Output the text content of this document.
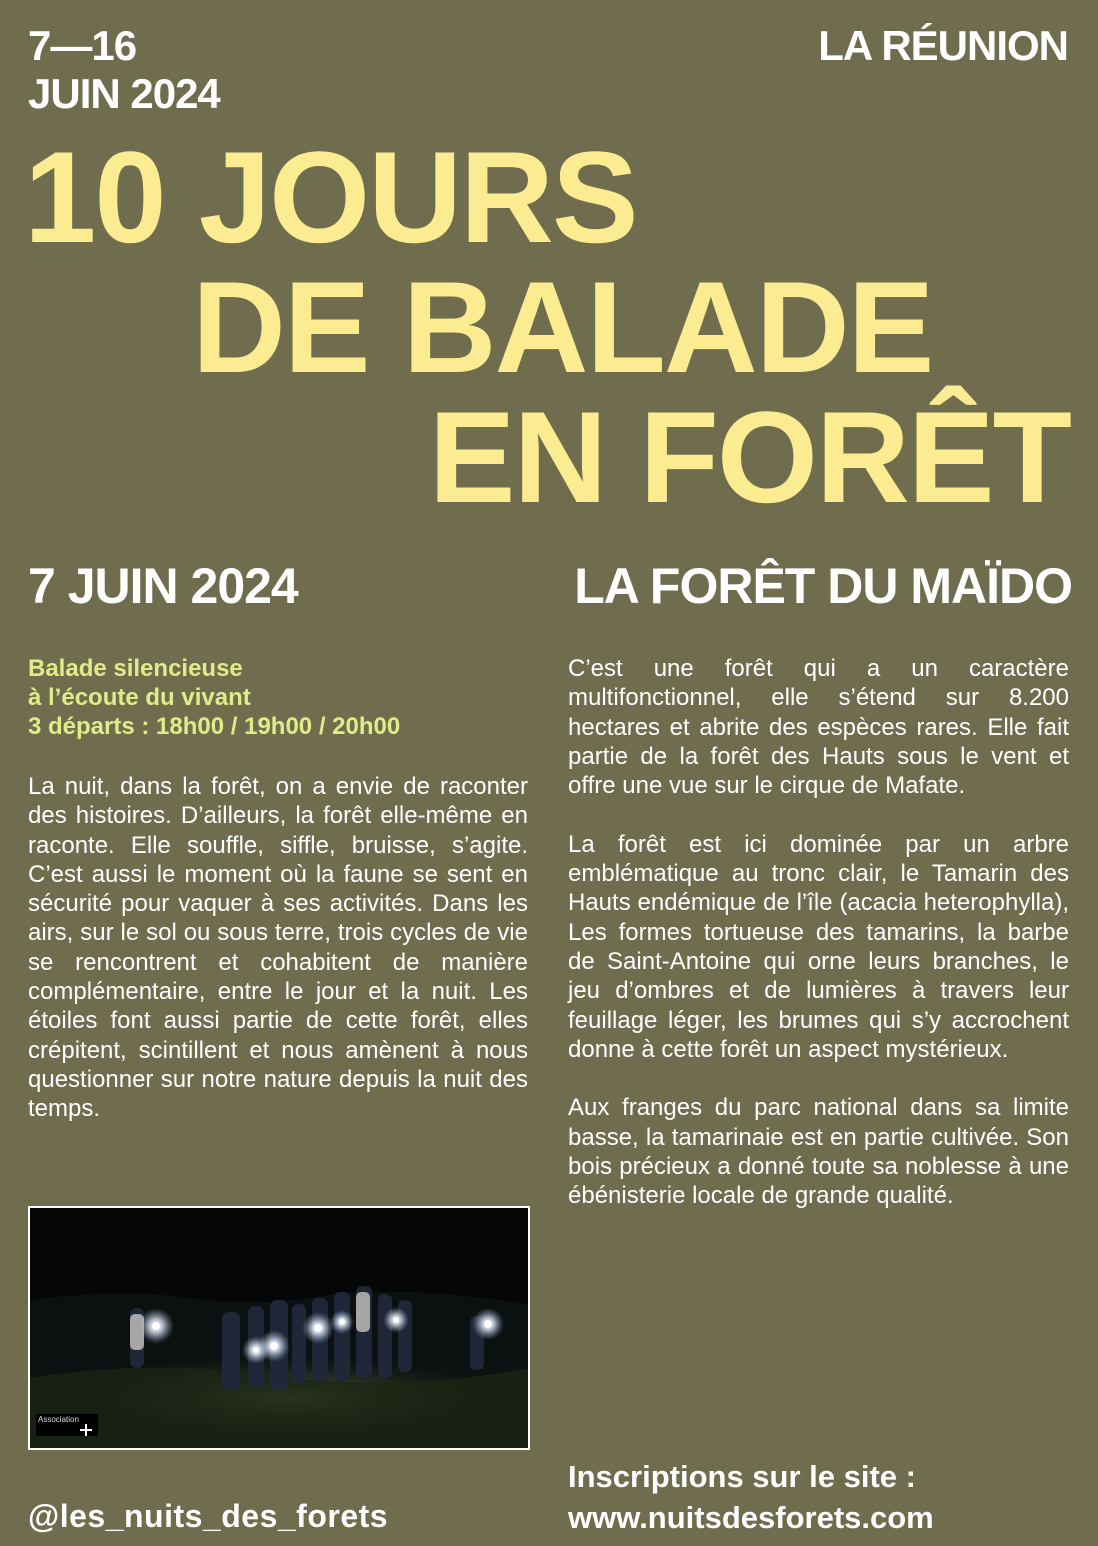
7—16
JUIN 2024
LA RÉUNION
10 JOURS
DE BALADE
EN FORÊT
7 JUIN 2024	LA FORÊT DU MAÏDO
Balade silencieuse
à l’écoute du vivant
3 départs : 18h00 / 19h00 / 20h00
La nuit, dans la forêt, on a envie de raconter des histoires. D’ailleurs, la forêt elle-même en raconte. Elle souffle, siffle, bruisse, s’agite. C’est aussi le moment où la faune se sent en sécurité pour vaquer à ses activités. Dans les airs, sur le sol ou sous terre, trois cycles de vie se rencontrent et cohabitent de manière complémentaire, entre le jour et la nuit. Les étoiles font aussi partie de cette forêt, elles crépitent, scintillent et nous amènent à nous questionner sur notre nature depuis la nuit des temps.

C’est une forêt qui a un caractère multifonctionnel, elle s’étend sur 8.200 hectares et abrite des espèces rares. Elle fait partie de la forêt des Hauts sous le vent et offre une vue sur le cirque de Mafate.

La forêt est ici dominée par un arbre emblématique au tronc clair, le Tamarin des Hauts endémique de l’île (acacia heterophylla), Les formes tortueuse des tamarins, la barbe de Saint-Antoine qui orne leurs branches, le jeu d’ombres et de lumières à travers leur feuillage léger, les brumes qui s’y accrochent donne à cette forêt un aspect mystérieux.

Aux franges du parc national dans sa limite basse, la tamarinaie est en partie cultivée. Son bois précieux a donné toute sa noblesse à une ébénisterie locale de grande qualité.

Association
@les_nuits_des_forets
Inscriptions sur le site :
www.nuitsdesforets.com
